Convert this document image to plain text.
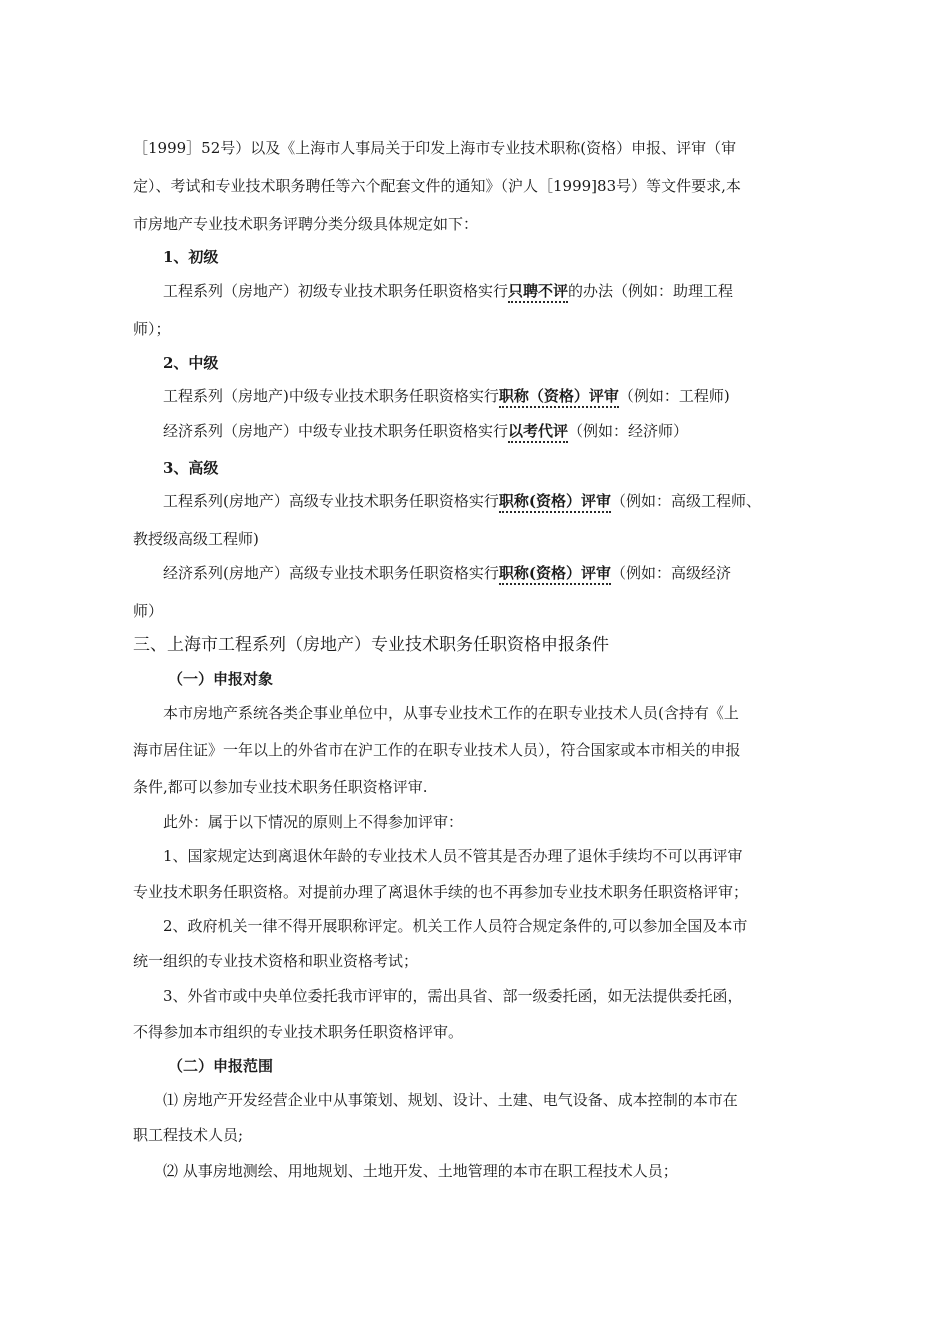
［1999］52号）以及《上海市人事局关于印发上海市专业技术职称(资格）申报、评审（审
定）、考试和专业技术职务聘任等六个配套文件的通知》（沪人［1999]83号）等文件要求,本
市房地产专业技术职务评聘分类分级具体规定如下：
1、初级
工程系列（房地产）初级专业技术职务任职资格实行只聘不评的办法（例如：助理工程
师）；
2、中级
工程系列（房地产)中级专业技术职务任职资格实行职称（资格）评审（例如：工程师)
经济系列（房地产）中级专业技术职务任职资格实行以考代评（例如：经济师）
3、高级
工程系列(房地产）高级专业技术职务任职资格实行职称(资格）评审（例如：高级工程师、
教授级高级工程师)
经济系列(房地产）高级专业技术职务任职资格实行职称(资格）评审（例如：高级经济
师）
三、上海市工程系列（房地产）专业技术职务任职资格申报条件
（一）申报对象
本市房地产系统各类企事业单位中，从事专业技术工作的在职专业技术人员(含持有《上
海市居住证》一年以上的外省市在沪工作的在职专业技术人员），符合国家或本市相关的申报
条件,都可以参加专业技术职务任职资格评审.
此外：属于以下情况的原则上不得参加评审：
1、国家规定达到离退休年龄的专业技术人员不管其是否办理了退休手续均不可以再评审
专业技术职务任职资格。对提前办理了离退休手续的也不再参加专业技术职务任职资格评审；
2、政府机关一律不得开展职称评定。机关工作人员符合规定条件的,可以参加全国及本市
统一组织的专业技术资格和职业资格考试；
3、外省市或中央单位委托我市评审的，需出具省、部一级委托函，如无法提供委托函，
不得参加本市组织的专业技术职务任职资格评审。
（二）申报范围
⑴ 房地产开发经营企业中从事策划、规划、设计、土建、电气设备、成本控制的本市在
职工程技术人员;
⑵ 从事房地测绘、用地规划、土地开发、土地管理的本市在职工程技术人员；
